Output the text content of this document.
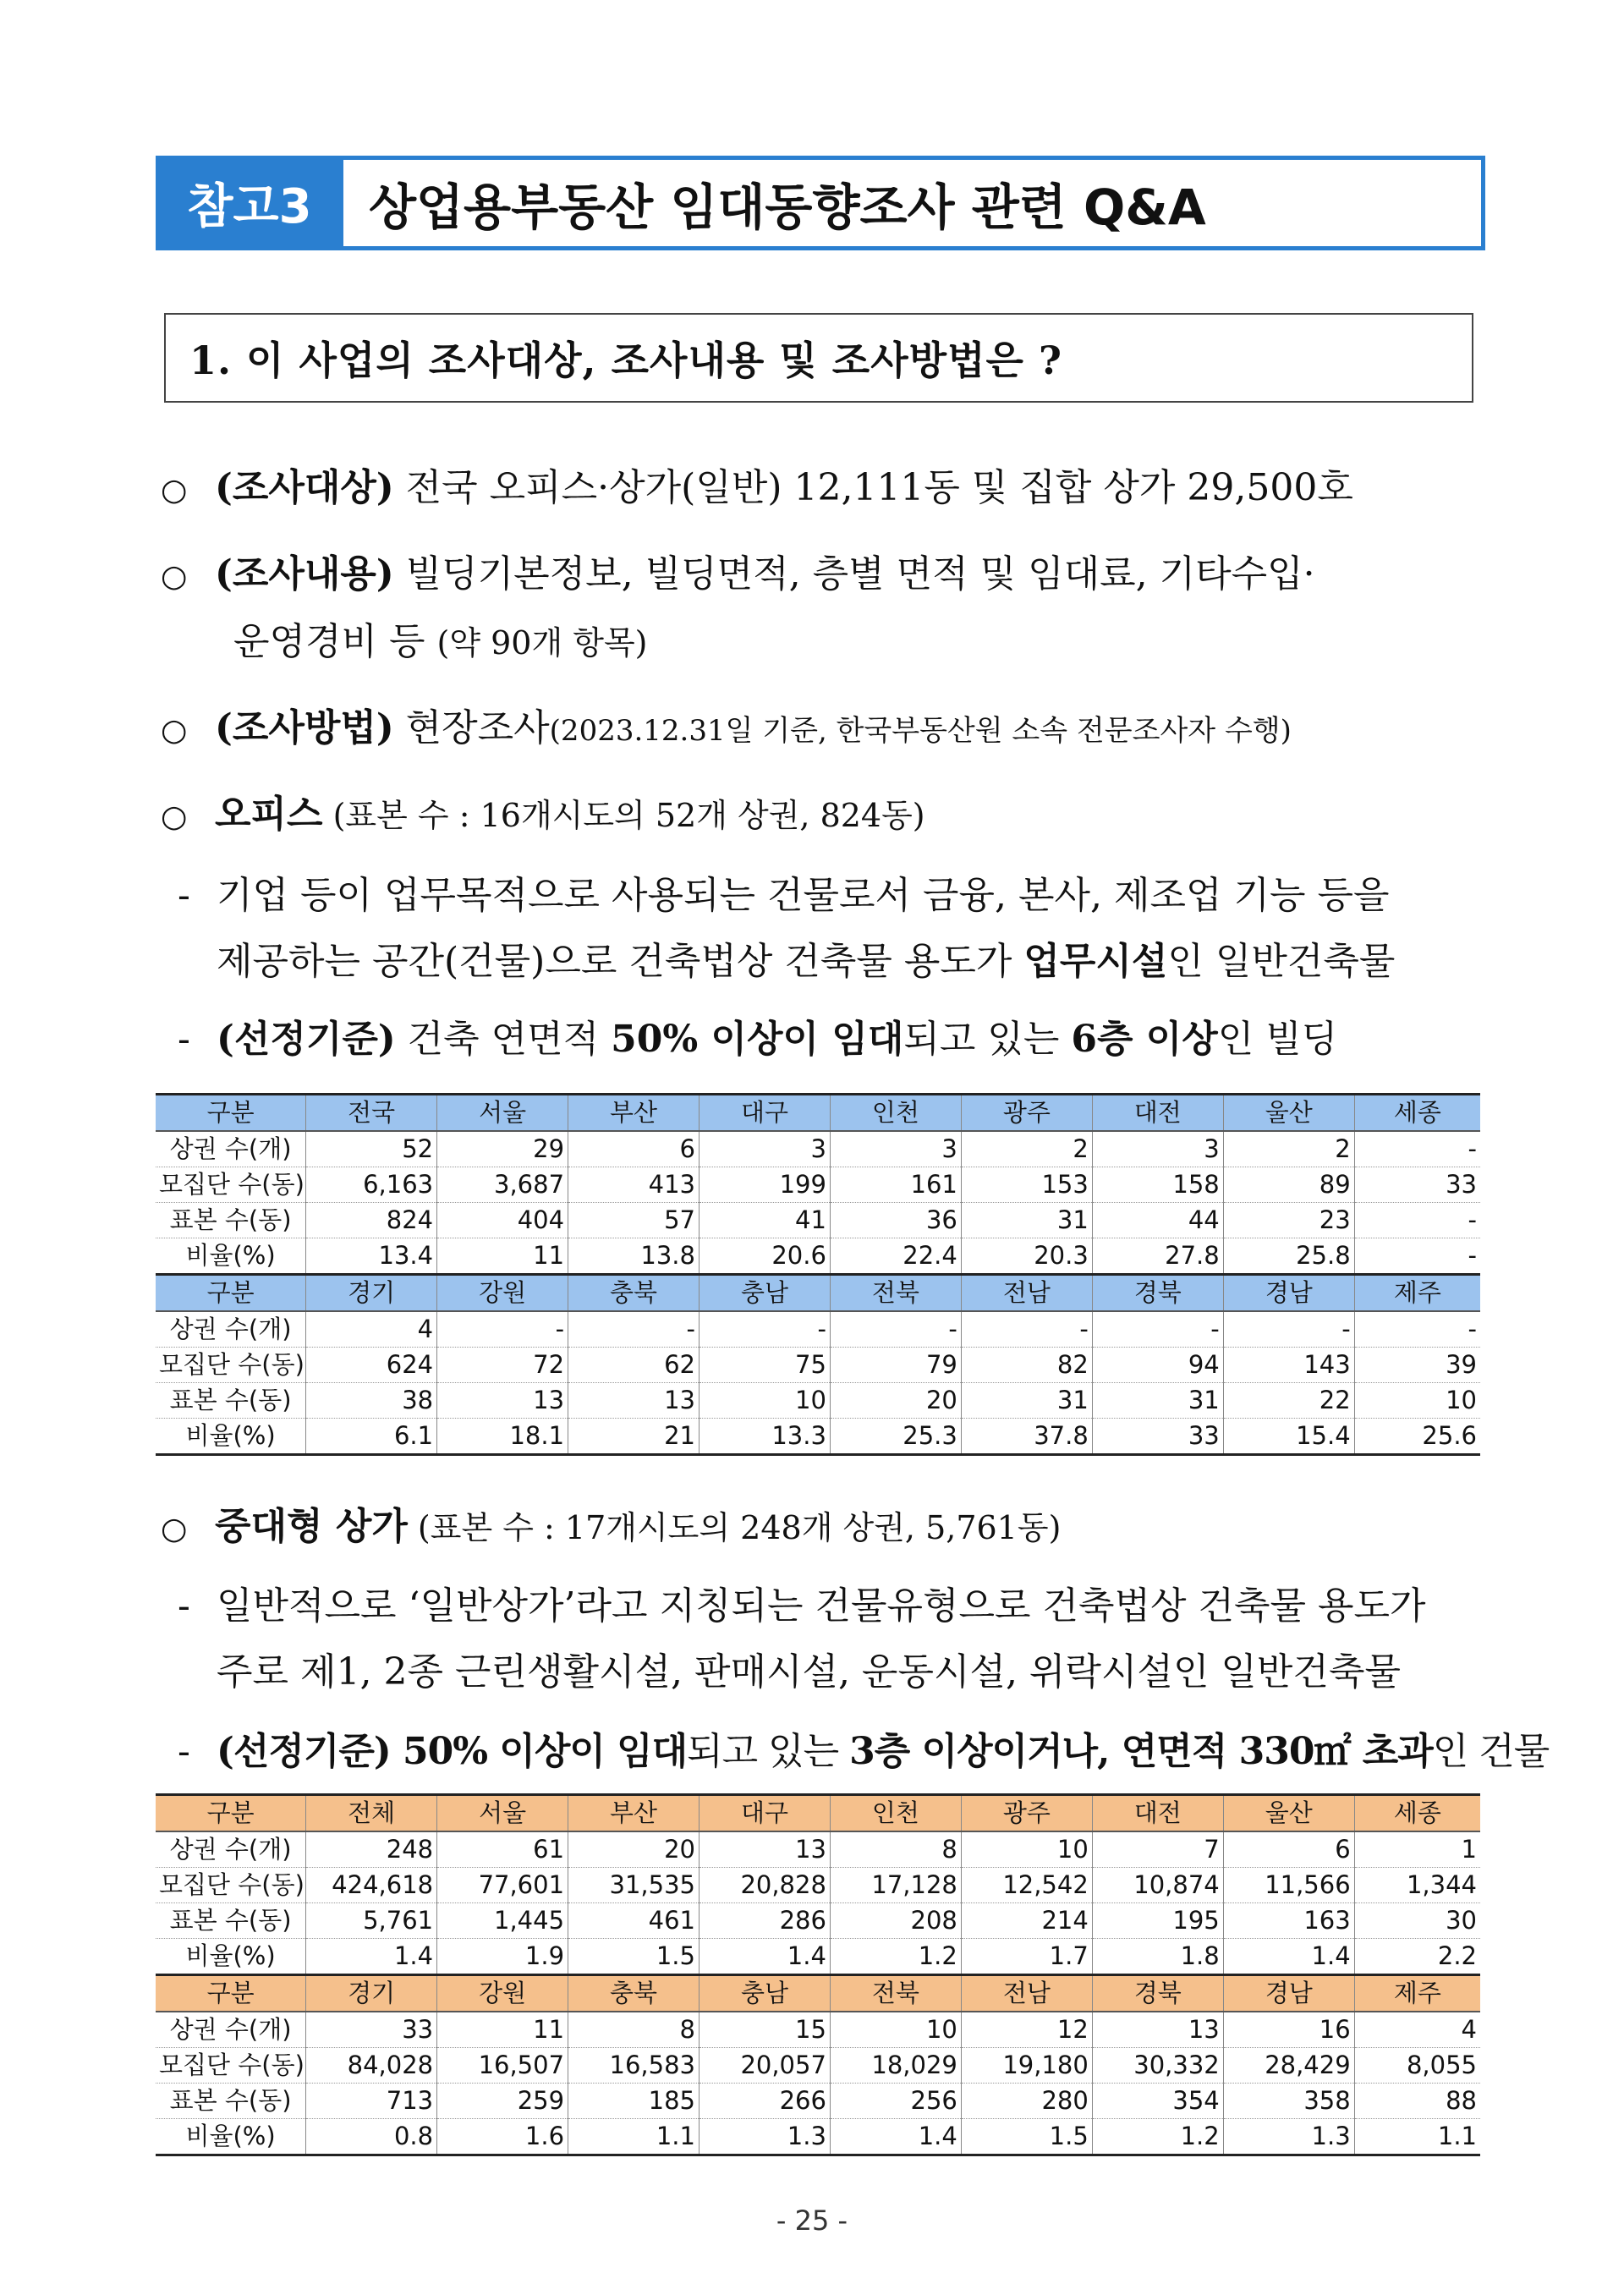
참고3	상업용부동산 임대동향조사 관련 Q&A
1. 이 사업의 조사대상, 조사내용 및 조사방법은 ?
○ (조사대상) 전국 오피스·상가(일반) 12,111동 및 집합 상가 29,500호
○ (조사내용) 빌딩기본정보, 빌딩면적, 층별 면적 및 임대료, 기타수입·
운영경비 등 (약 90개 항목)
○ (조사방법) 현장조사(2023.12.31일 기준, 한국부동산원 소속 전문조사자 수행)
○ 오피스 (표본 수 : 16개시도의 52개 상권, 824동)
- 기업 등이 업무목적으로 사용되는 건물로서 금융, 본사, 제조업 기능 등을
제공하는 공간(건물)으로 건축법상 건축물 용도가 업무시설인 일반건축물
- (선정기준) 건축 연면적 50% 이상이 임대되고 있는 6층 이상인 빌딩
구분	전국	서울	부산	대구	인천	광주	대전	울산	세종
상권 수(개)	52	29	6	3	3	2	3	2	-
모집단 수(동)	6,163	3,687	413	199	161	153	158	89	33
표본 수(동)	824	404	57	41	36	31	44	23	-
비율(%)	13.4	11	13.8	20.6	22.4	20.3	27.8	25.8	-
구분	경기	강원	충북	충남	전북	전남	경북	경남	제주
상권 수(개)	4	-	-	-	-	-	-	-	-
모집단 수(동)	624	72	62	75	79	82	94	143	39
표본 수(동)	38	13	13	10	20	31	31	22	10
비율(%)	6.1	18.1	21	13.3	25.3	37.8	33	15.4	25.6
○ 중대형 상가 (표본 수 : 17개시도의 248개 상권, 5,761동)
- 일반적으로 ‘일반상가’라고 지칭되는 건물유형으로 건축법상 건축물 용도가
주로 제1, 2종 근린생활시설, 판매시설, 운동시설, 위락시설인 일반건축물
- (선정기준) 50% 이상이 임대되고 있는 3층 이상이거나, 연면적 330㎡ 초과인 건물
구분	전체	서울	부산	대구	인천	광주	대전	울산	세종
상권 수(개)	248	61	20	13	8	10	7	6	1
모집단 수(동)	424,618	77,601	31,535	20,828	17,128	12,542	10,874	11,566	1,344
표본 수(동)	5,761	1,445	461	286	208	214	195	163	30
비율(%)	1.4	1.9	1.5	1.4	1.2	1.7	1.8	1.4	2.2
구분	경기	강원	충북	충남	전북	전남	경북	경남	제주
상권 수(개)	33	11	8	15	10	12	13	16	4
모집단 수(동)	84,028	16,507	16,583	20,057	18,029	19,180	30,332	28,429	8,055
표본 수(동)	713	259	185	266	256	280	354	358	88
비율(%)	0.8	1.6	1.1	1.3	1.4	1.5	1.2	1.3	1.1
- 25 -
